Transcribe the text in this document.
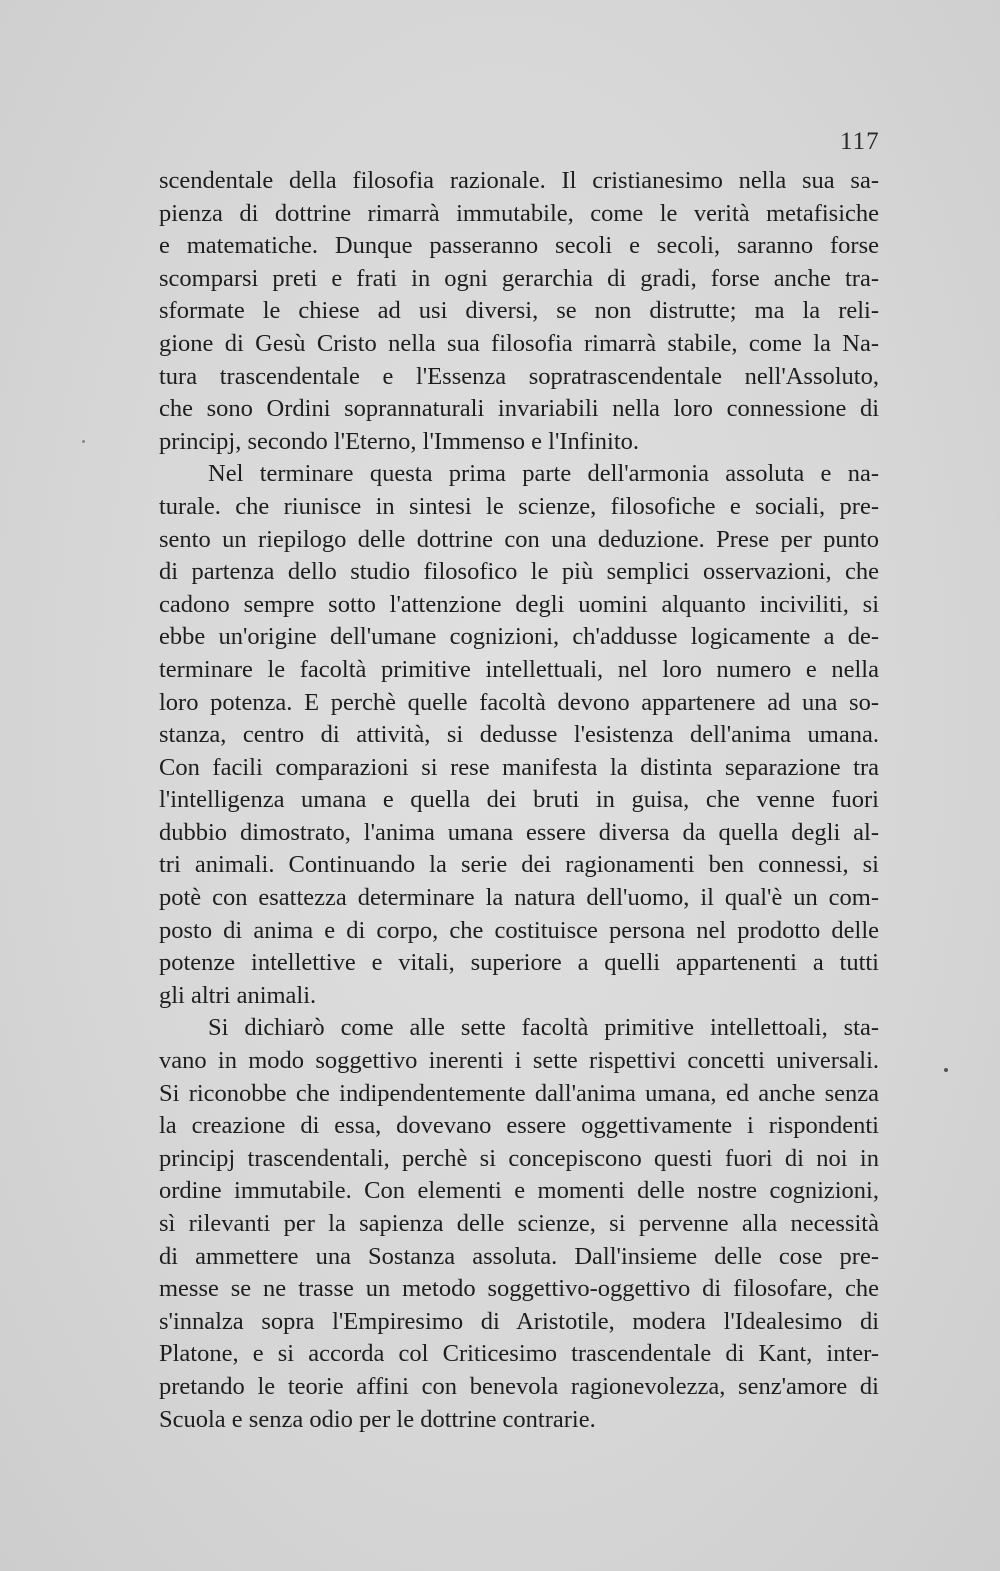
117
scendentale della filosofia razionale. Il cristianesimo nella sua sa-
pienza di dottrine rimarrà immutabile, come le verità metafisiche
e matematiche. Dunque passeranno secoli e secoli, saranno forse
scomparsi preti e frati in ogni gerarchia di gradi, forse anche tra-
sformate le chiese ad usi diversi, se non distrutte; ma la reli-
gione di Gesù Cristo nella sua filosofia rimarrà stabile, come la Na-
tura trascendentale e l'Essenza sopratrascendentale nell'Assoluto,
che sono Ordini soprannaturali invariabili nella loro connessione di
principj, secondo l'Eterno, l'Immenso e l'Infinito.
Nel terminare questa prima parte dell'armonia assoluta e na-
turale. che riunisce in sintesi le scienze, filosofiche e sociali, pre-
sento un riepilogo delle dottrine con una deduzione. Prese per punto
di partenza dello studio filosofico le più semplici osservazioni, che
cadono sempre sotto l'attenzione degli uomini alquanto inciviliti, si
ebbe un'origine dell'umane cognizioni, ch'addusse logicamente a de-
terminare le facoltà primitive intellettuali, nel loro numero e nella
loro potenza. E perchè quelle facoltà devono appartenere ad una so-
stanza, centro di attività, si dedusse l'esistenza dell'anima umana.
Con facili comparazioni si rese manifesta la distinta separazione tra
l'intelligenza umana e quella dei bruti in guisa, che venne fuori
dubbio dimostrato, l'anima umana essere diversa da quella degli al-
tri animali. Continuando la serie dei ragionamenti ben connessi, si
potè con esattezza determinare la natura dell'uomo, il qual'è un com-
posto di anima e di corpo, che costituisce persona nel prodotto delle
potenze intellettive e vitali, superiore a quelli appartenenti a tutti
gli altri animali.
Si dichiarò come alle sette facoltà primitive intellettoali, sta-
vano in modo soggettivo inerenti i sette rispettivi concetti universali.
Si riconobbe che indipendentemente dall'anima umana, ed anche senza
la creazione di essa, dovevano essere oggettivamente i rispondenti
principj trascendentali, perchè si concepiscono questi fuori di noi in
ordine immutabile. Con elementi e momenti delle nostre cognizioni,
sì rilevanti per la sapienza delle scienze, si pervenne alla necessità
di ammettere una Sostanza assoluta. Dall'insieme delle cose pre-
messe se ne trasse un metodo soggettivo-oggettivo di filosofare, che
s'innalza sopra l'Empiresimo di Aristotile, modera l'Idealesimo di
Platone, e si accorda col Criticesimo trascendentale di Kant, inter-
pretando le teorie affini con benevola ragionevolezza, senz'amore di
Scuola e senza odio per le dottrine contrarie.
